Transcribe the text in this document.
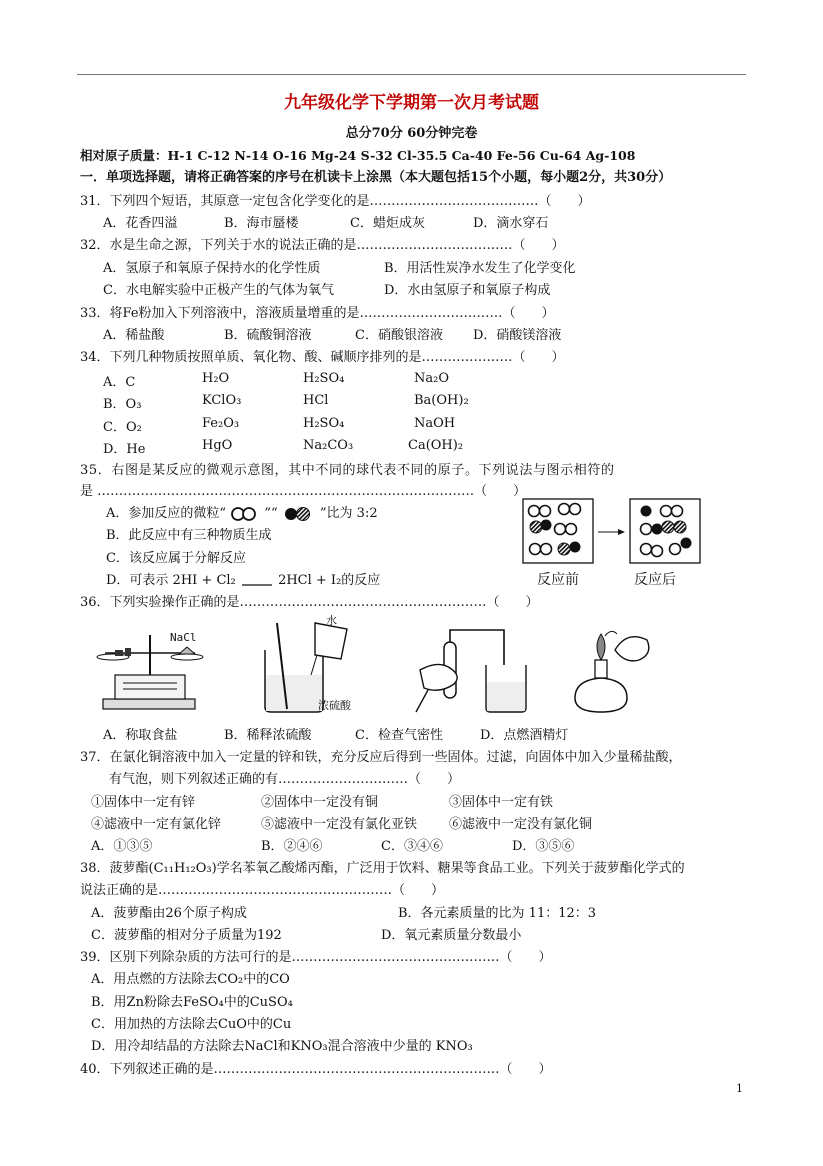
九年级化学下学期第一次月考试题
总分70分 60分钟完卷
相对原子质量：H-1 C-12 N-14 O-16 Mg-24 S-32 Cl-35.5 Ca-40 Fe-56 Cu-64 Ag-108
一．单项选择题，请将正确答案的序号在机读卡上涂黑（本大题包括15个小题，每小题2分，共30分）
31．下列四个短语，其原意一定包含化学变化的是…………………………………（　　）
A．花香四溢	B．海市蜃楼	C．蜡炬成灰	D．滴水穿石
32．水是生命之源，下列关于水的说法正确的是………………………………（　　）
A．氢原子和氧原子保持水的化学性质	B．用活性炭净水发生了化学变化
C．水电解实验中正极产生的气体为氧气	D．水由氢原子和氧原子构成
33．将Fe粉加入下列溶液中，溶液质量增重的是……………………………（　　）
A．稀盐酸	B．硫酸铜溶液	C．硝酸银溶液 D．硝酸镁溶液
34．下列几种物质按照单质、氧化物、酸、碱顺序排列的是…………………（　　）
A．C	H₂O	H₂SO₄	Na₂O
B．O₃	KClO₃	HCl	Ba(OH)₂
C．O₂	Fe₂O₃	H₂SO₄	NaOH
D．He	HgO	Na₂CO₃	Ca(OH)₂
35．右图是某反应的微观示意图，其中不同的球代表不同的原子。下列说法与图示相符的
是 ……………………………………………………………………………（　　）
A．参加反应的微粒“	”“	”比为 3:2
B．此反应中有三种物质生成
C．该反应属于分解反应
D．可表示 2HI + Cl₂	2HCl + I₂的反应	反应前	反应后
36．下列实验操作正确的是…………………………………………………（　　）
NaCl
水
浓硫酸
A．称取食盐	B．稀释浓硫酸	C．检查气密性	D．点燃酒精灯
37．在氯化铜溶液中加入一定量的锌和铁，充分反应后得到一些固体。过滤，向固体中加入少量稀盐酸，
有气泡，则下列叙述正确的有…………………………（　　）
①固体中一定有锌	②固体中一定没有铜	③固体中一定有铁
④滤液中一定有氯化锌	⑤滤液中一定没有氯化亚铁 ⑥滤液中一定没有氯化铜
A．①③⑤	B．②④⑥	C．③④⑥	D．③⑤⑥
38．菠萝酯(C₁₁H₁₂O₃)学名苯氧乙酸烯丙酯，广泛用于饮料、糖果等食品工业。下列关于菠萝酯化学式的
说法正确的是………………………………………………（　　）
A．菠萝酯由26个原子构成	B．各元素质量的比为 11：12：3
C．菠萝酯的相对分子质量为192	D．氧元素质量分数最小
39．区别下列除杂质的方法可行的是…………………………………………（　　）
A．用点燃的方法除去CO₂中的CO
B．用Zn粉除去FeSO₄中的CuSO₄
C．用加热的方法除去CuO中的Cu
D．用冷却结晶的方法除去NaCl和KNO₃混合溶液中少量的 KNO₃
40．下列叙述正确的是…………………………………………………………（　　）
1
